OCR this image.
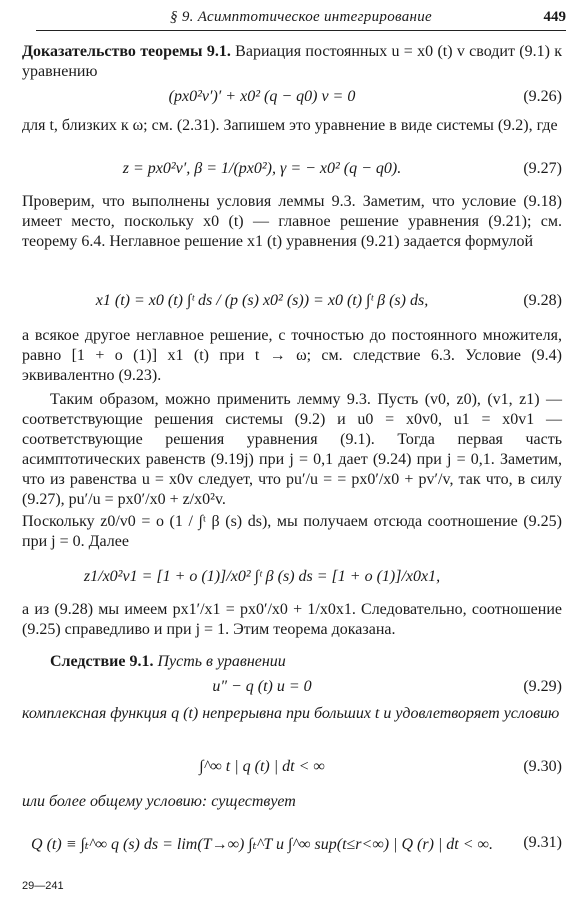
§ 9. Асимптотическое интегрирование	449
Доказательство теоремы 9.1. Вариация постоянных u = x0 (t) v сводит (9.1) к уравнению
(px0²v′)′ + x0² (q − q0) v = 0	(9.26)
для t, близких к ω; см. (2.31). Запишем это уравнение в виде системы (9.2), где
z = px0²v′, β = 1/(px0²), γ = − x0² (q − q0).	(9.27)
Проверим, что выполнены условия леммы 9.3. Заметим, что условие (9.18) имеет место, поскольку x0 (t) — главное решение уравнения (9.21); см. теорему 6.4. Неглавное решение x1 (t) уравнения (9.21) задается формулой
x1 (t) = x0 (t) ∫ᵗ ds / (p (s) x0² (s)) = x0 (t) ∫ᵗ β (s) ds,	(9.28)
а всякое другое неглавное решение, с точностью до постоянного множителя, равно [1 + o (1)] x1 (t) при t → ω; см. следствие 6.3. Условие (9.4) эквивалентно (9.23).
Таким образом, можно применить лемму 9.3. Пусть (v0, z0), (v1, z1) — соответствующие решения системы (9.2) и u0 = x0v0, u1 = x0v1 — соответствующие решения уравнения (9.1). Тогда первая часть асимптотических равенств (9.19j) при j = 0,1 дает (9.24) при j = 0,1. Заметим, что из равенства u = x0v следует, что pu′/u = = px0′/x0 + pv′/v, так что, в силу (9.27), pu′/u = px0′/x0 + z/x0²v.
Поскольку z0/v0 = o (1 / ∫ᵗ β (s) ds), мы получаем отсюда соотношение (9.25) при j = 0. Далее
z1/x0²v1 = [1 + o (1)]/x0² ∫ᵗ β (s) ds = [1 + o (1)]/x0x1,
а из (9.28) мы имеем px1′/x1 = px0′/x0 + 1/x0x1. Следовательно, соотношение (9.25) справедливо и при j = 1. Этим теорема доказана.
Следствие 9.1. Пусть в уравнении
u″ − q (t) u = 0	(9.29)
комплексная функция q (t) непрерывна при больших t и удовлетворяет условию
∫^∞ t | q (t) | dt < ∞	(9.30)
или более общему условию: существует
Q (t) ≡ ∫ₜ^∞ q (s) ds = lim(T→∞) ∫ₜ^T и ∫^∞ sup(t≤r<∞) | Q (r) | dt < ∞.	(9.31)
29—241
